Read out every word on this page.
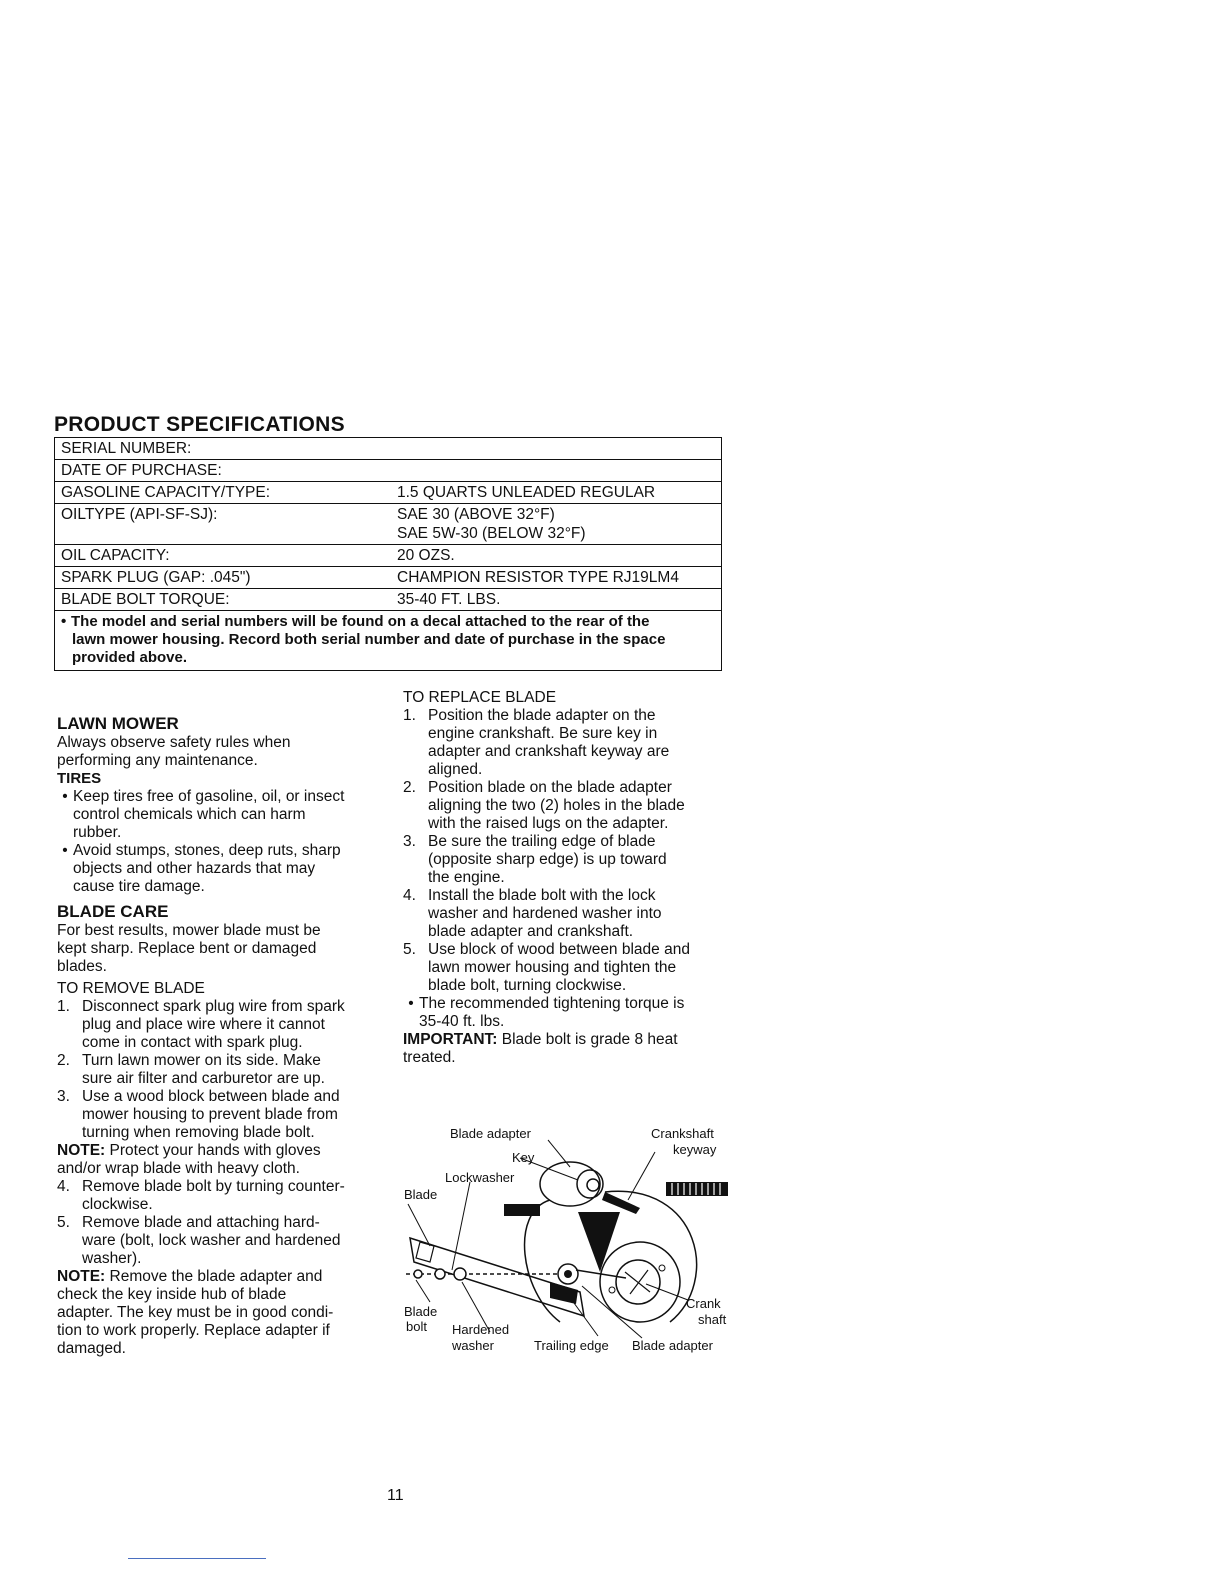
PRODUCT SPECIFICATIONS
SERIAL NUMBER:

DATE OF PURCHASE:

GASOLINE CAPACITY/TYPE:	1.5 QUARTS UNLEADED REGULAR
OILTYPE (API-SF-SJ):	SAE 30 (ABOVE 32°F)
SAE 5W-30 (BELOW 32°F)
OIL CAPACITY:	20 OZS.
SPARK PLUG (GAP: .045")	CHAMPION RESISTOR TYPE RJ19LM4
BLADE BOLT TORQUE:	35-40 FT. LBS.
• The model and serial numbers will be found on a decal attached to the rear of the
lawn mower housing. Record both serial number and date of purchase in the space
provided above.
LAWN MOWER
Always observe safety rules when
performing any maintenance.
TIRES
• Keep tires free of gasoline, oil, or insect
control chemicals which can harm
rubber.
• Avoid stumps, stones, deep ruts, sharp
objects and other hazards that may
cause tire damage.
BLADE CARE
For best results, mower blade must be
kept sharp. Replace bent or damaged
blades.
TO REMOVE BLADE
1. Disconnect spark plug wire from spark
plug and place wire where it cannot
come in contact with spark plug.
2. Turn lawn mower on its side. Make
sure air filter and carburetor are up.
3. Use a wood block between blade and
mower housing to prevent blade from
turning when removing blade bolt.
NOTE: Protect your hands with gloves
and/or wrap blade with heavy cloth.
4. Remove blade bolt by turning counter-
clockwise.
5. Remove blade and attaching hard-
ware (bolt, lock washer and hardened
washer).
NOTE: Remove the blade adapter and
check the key inside hub of blade
adapter. The key must be in good condi-
tion to work properly. Replace adapter if
damaged.
TO REPLACE BLADE
1. Position the blade adapter on the
engine crankshaft. Be sure key in
adapter and crankshaft keyway are
aligned.
2. Position blade on the blade adapter
aligning the two (2) holes in the blade
with the raised lugs on the adapter.
3. Be sure the trailing edge of blade
(opposite sharp edge) is up toward
the engine.
4. Install the blade bolt with the lock
washer and hardened washer into
blade adapter and crankshaft.
5. Use block of wood between blade and
lawn mower housing and tighten the
blade bolt, turning clockwise.
• The recommended tightening torque is
35-40 ft. lbs.
IMPORTANT: Blade bolt is grade 8 heat
treated.
Blade adapter	Crankshaft
keyway
Key
Lockwasher
Blade
Blade
bolt Hardened
washer	Trailing edge Blade adapter
Crank
shaft
11
